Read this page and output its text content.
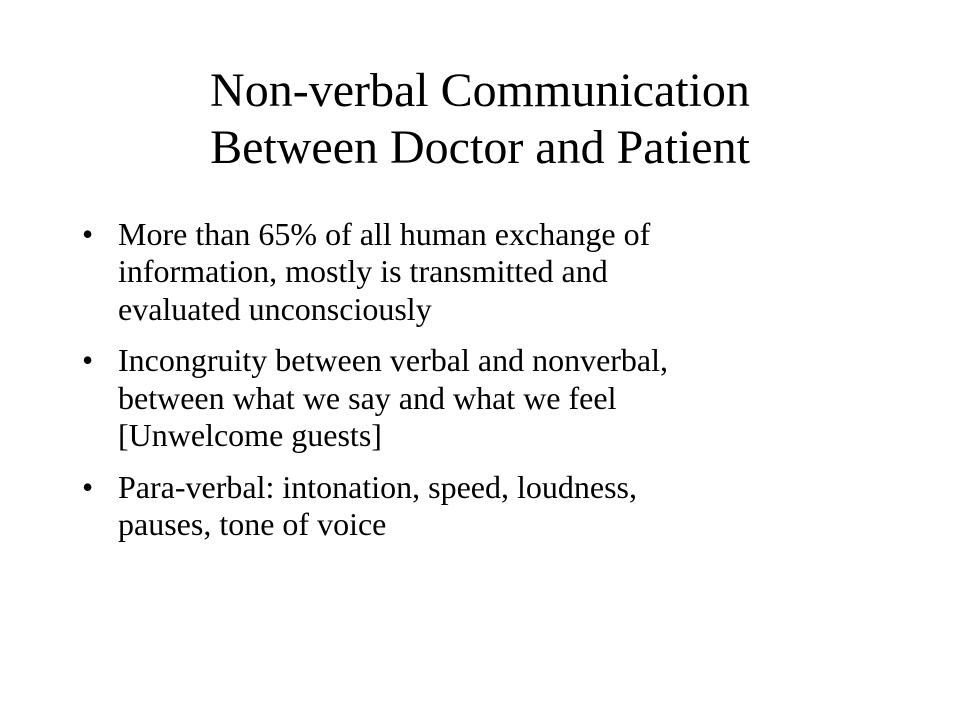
Non-verbal Communication
Between Doctor and Patient
• More than 65% of all human exchange of
information, mostly is transmitted and
evaluated unconsciously
• Incongruity between verbal and nonverbal,
between what we say and what we feel
[Unwelcome guests]
• Para-verbal: intonation, speed, loudness,
pauses, tone of voice
